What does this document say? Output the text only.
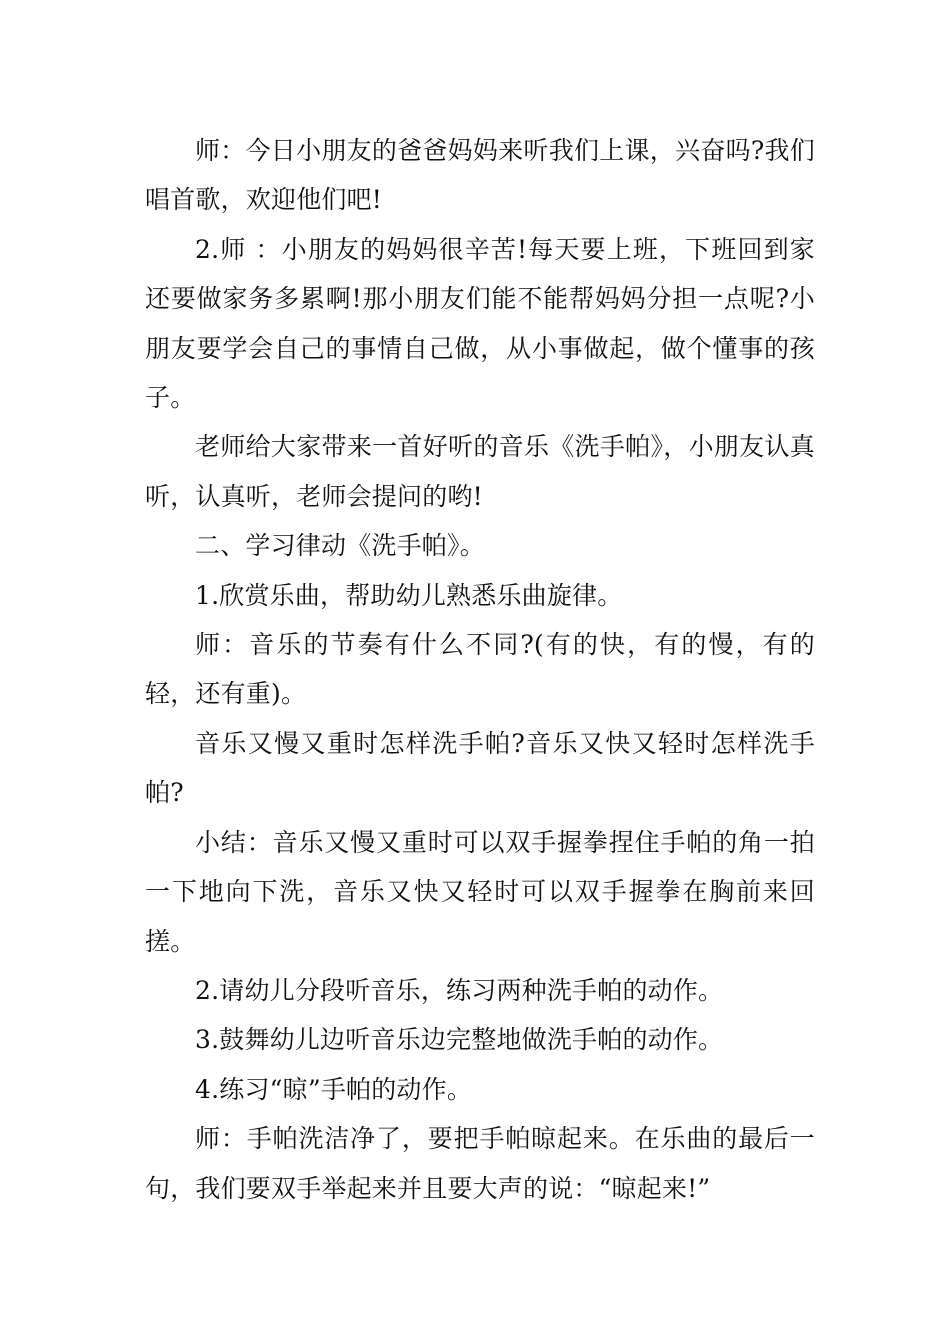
师：今日小朋友的爸爸妈妈来听我们上课，兴奋吗?我们唱首歌，欢迎他们吧!

2.师 ：小朋友的妈妈很辛苦!每天要上班，下班回到家还要做家务多累啊!那小朋友们能不能帮妈妈分担一点呢?小朋友要学会自己的事情自己做，从小事做起，做个懂事的孩子。

老师给大家带来一首好听的音乐《洗手帕》，小朋友认真听，认真听，老师会提问的哟!

二、学习律动《洗手帕》。

1.欣赏乐曲，帮助幼儿熟悉乐曲旋律。

师：音乐的节奏有什么不同?(有的快，有的慢，有的轻，还有重)。

音乐又慢又重时怎样洗手帕?音乐又快又轻时怎样洗手帕?

小结：音乐又慢又重时可以双手握拳捏住手帕的角一拍一下地向下洗，音乐又快又轻时可以双手握拳在胸前来回搓。

2.请幼儿分段听音乐，练习两种洗手帕的动作。

3.鼓舞幼儿边听音乐边完整地做洗手帕的动作。

4.练习“晾”手帕的动作。

师：手帕洗洁净了，要把手帕晾起来。在乐曲的最后一句，我们要双手举起来并且要大声的说：“晾起来!”
